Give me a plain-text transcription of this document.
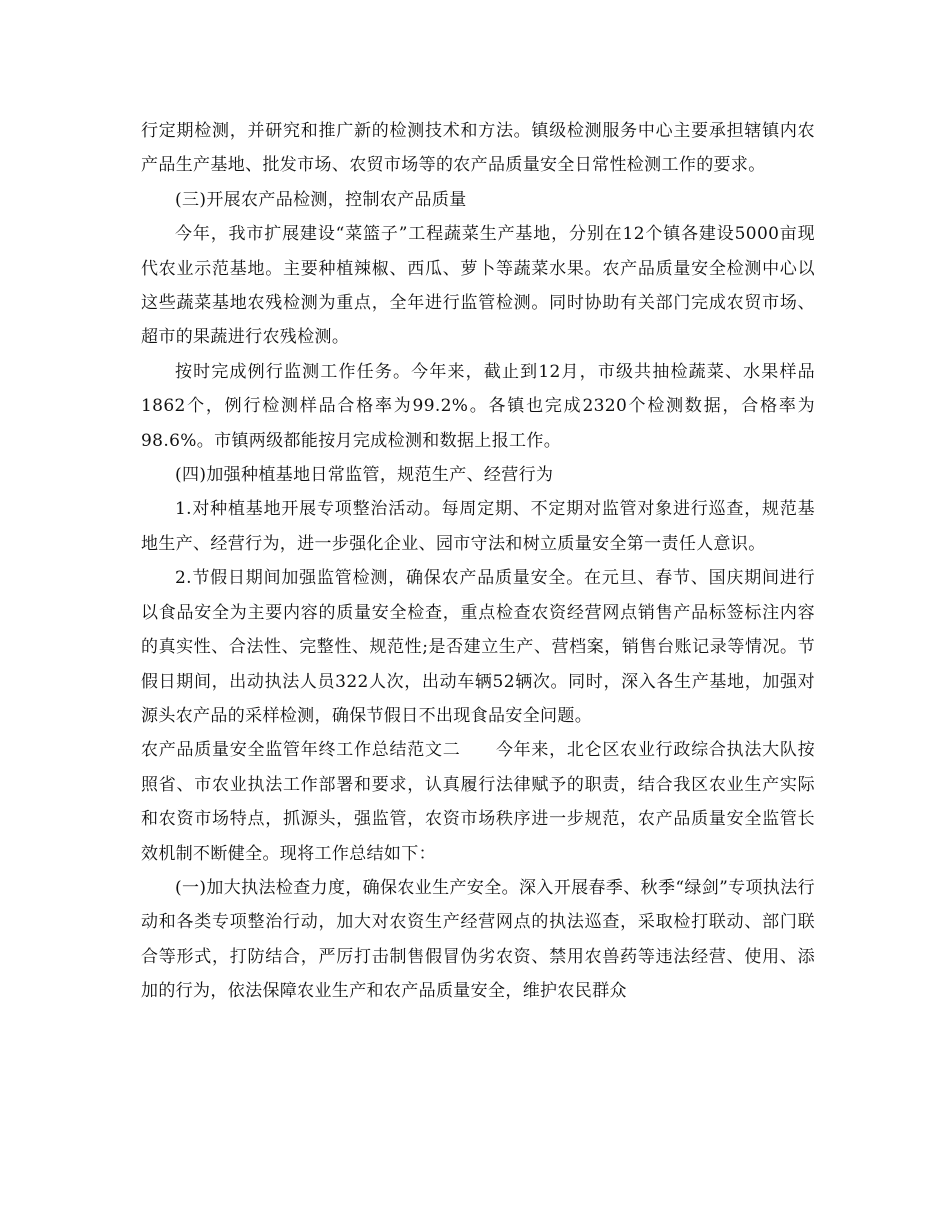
行定期检测，并研究和推广新的检测技术和方法。镇级检测服务中心主要承担辖镇内农产品生产基地、批发市场、农贸市场等的农产品质量安全日常性检测工作的要求。

(三)开展农产品检测，控制农产品质量

今年，我市扩展建设“菜篮子”工程蔬菜生产基地，分别在12个镇各建设5000亩现代农业示范基地。主要种植辣椒、西瓜、萝卜等蔬菜水果。农产品质量安全检测中心以这些蔬菜基地农残检测为重点，全年进行监管检测。同时协助有关部门完成农贸市场、超市的果蔬进行农残检测。

按时完成例行监测工作任务。今年来，截止到12月，市级共抽检蔬菜、水果样品1862个，例行检测样品合格率为99.2%。各镇也完成2320个检测数据，合格率为98.6%。市镇两级都能按月完成检测和数据上报工作。

(四)加强种植基地日常监管，规范生产、经营行为

1.对种植基地开展专项整治活动。每周定期、不定期对监管对象进行巡查，规范基地生产、经营行为，进一步强化企业、园市守法和树立质量安全第一责任人意识。

2.节假日期间加强监管检测，确保农产品质量安全。在元旦、春节、国庆期间进行以食品安全为主要内容的质量安全检查，重点检查农资经营网点销售产品标签标注内容的真实性、合法性、完整性、规范性;是否建立生产、营档案，销售台账记录等情况。节假日期间，出动执法人员322人次，出动车辆52辆次。同时，深入各生产基地，加强对源头农产品的采样检测，确保节假日不出现食品安全问题。

农产品质量安全监管年终工作总结范文二　　今年来，北仑区农业行政综合执法大队按照省、市农业执法工作部署和要求，认真履行法律赋予的职责，结合我区农业生产实际和农资市场特点，抓源头，强监管，农资市场秩序进一步规范，农产品质量安全监管长效机制不断健全。现将工作总结如下：

(一)加大执法检查力度，确保农业生产安全。深入开展春季、秋季“绿剑”专项执法行动和各类专项整治行动，加大对农资生产经营网点的执法巡查，采取检打联动、部门联合等形式，打防结合，严厉打击制售假冒伪劣农资、禁用农兽药等违法经营、使用、添加的行为，依法保障农业生产和农产品质量安全，维护农民群众
